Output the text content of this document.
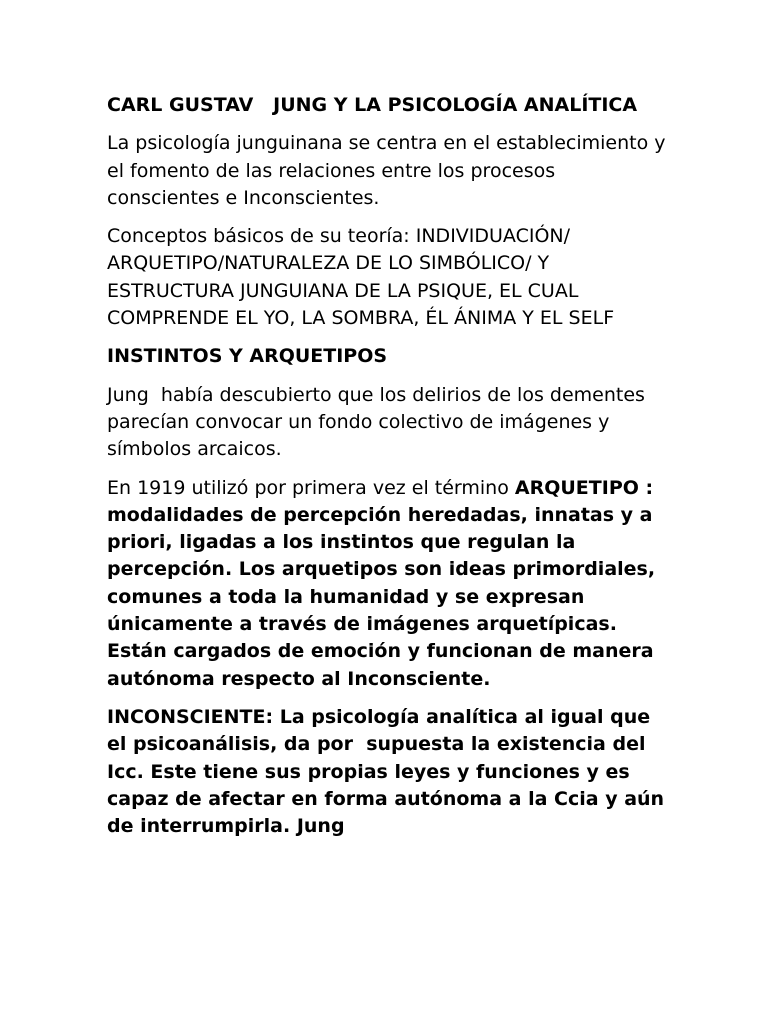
CARL GUSTAV   JUNG Y LA PSICOLOGÍA ANALÍTICA

La psicología junguinana se centra en el establecimiento y el fomento de las relaciones entre los procesos conscientes e Inconscientes.

Conceptos básicos de su teoría: INDIVIDUACIÓN/ ARQUETIPO/NATURALEZA DE LO SIMBÓLICO/ Y ESTRUCTURA JUNGUIANA DE LA PSIQUE, EL CUAL COMPRENDE EL YO, LA SOMBRA, ÉL ÁNIMA Y EL SELF

INSTINTOS Y ARQUETIPOS

Jung  había descubierto que los delirios de los dementes parecían convocar un fondo colectivo de imágenes y símbolos arcaicos.

En 1919 utilizó por primera vez el término ARQUETIPO : modalidades de percepción heredadas, innatas y a priori, ligadas a los instintos que regulan la percepción. Los arquetipos son ideas primordiales, comunes a toda la humanidad y se expresan únicamente a través de imágenes arquetípicas. Están cargados de emoción y funcionan de manera autónoma respecto al Inconsciente.

INCONSCIENTE: La psicología analítica al igual que el psicoanálisis, da por  supuesta la existencia del Icc. Este tiene sus propias leyes y funciones y es capaz de afectar en forma autónoma a la Ccia y aún de interrumpirla. Jung
